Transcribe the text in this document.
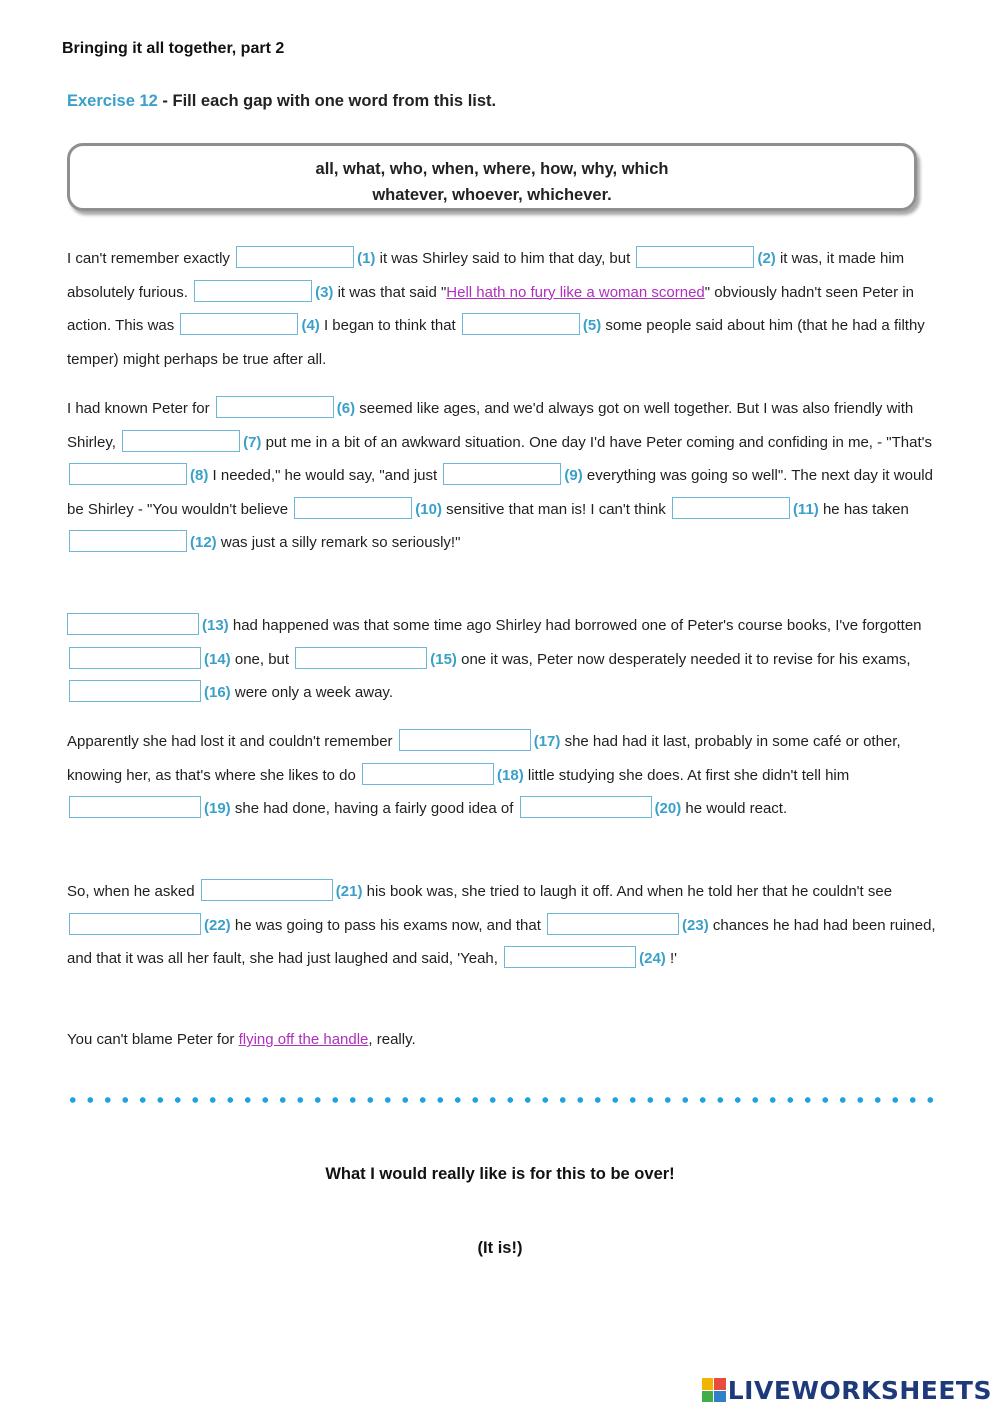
Bringing it all together, part 2
Exercise 12 - Fill each gap with one word from this list.
all, what, who, when, where, how, why, which
whatever, whoever, whichever.

I can't remember exactly	(1) it was Shirley said to him that day, but	(2) it was, it made him absolutely furious.	(3) it was that said "Hell hath no fury like a woman scorned" obviously hadn't seen Peter in action. This was	(4) I began to think that	(5) some people said about him (that he had a filthy temper) might perhaps be true after all.

I had known Peter for	(6) seemed like ages, and we'd always got on well together. But I was also friendly with Shirley,	(7) put me in a bit of an awkward situation. One day I'd have Peter coming and confiding in me, - "That's (8) I needed," he would say, "and just	(9) everything was going so well". The next day it would be Shirley - "You wouldn't believe	(10) sensitive that man is! I can't think	(11) he has taken (12) was just a silly remark so seriously!"

(13) had happened was that some time ago Shirley had borrowed one of Peter's course books, I've forgotten (14) one, but	(15) one it was, Peter now desperately needed it to revise for his exams, (16) were only a week away.

Apparently she had lost it and couldn't remember	(17) she had had it last, probably in some café or other, knowing her, as that's where she likes to do	(18) little studying she does. At first she didn't tell him (19) she had done, having a fairly good idea of	(20) he would react.

So, when he asked	(21) his book was, she tried to laugh it off. And when he told her that he couldn't see (22) he was going to pass his exams now, and that	(23) chances he had had been ruined, and that it was all her fault, she had just laughed and said, 'Yeah,	(24) !'

You can't blame Peter for flying off the handle, really.

What I would really like is for this to be over!
(It is!)
LIVEWORKSHEETS
